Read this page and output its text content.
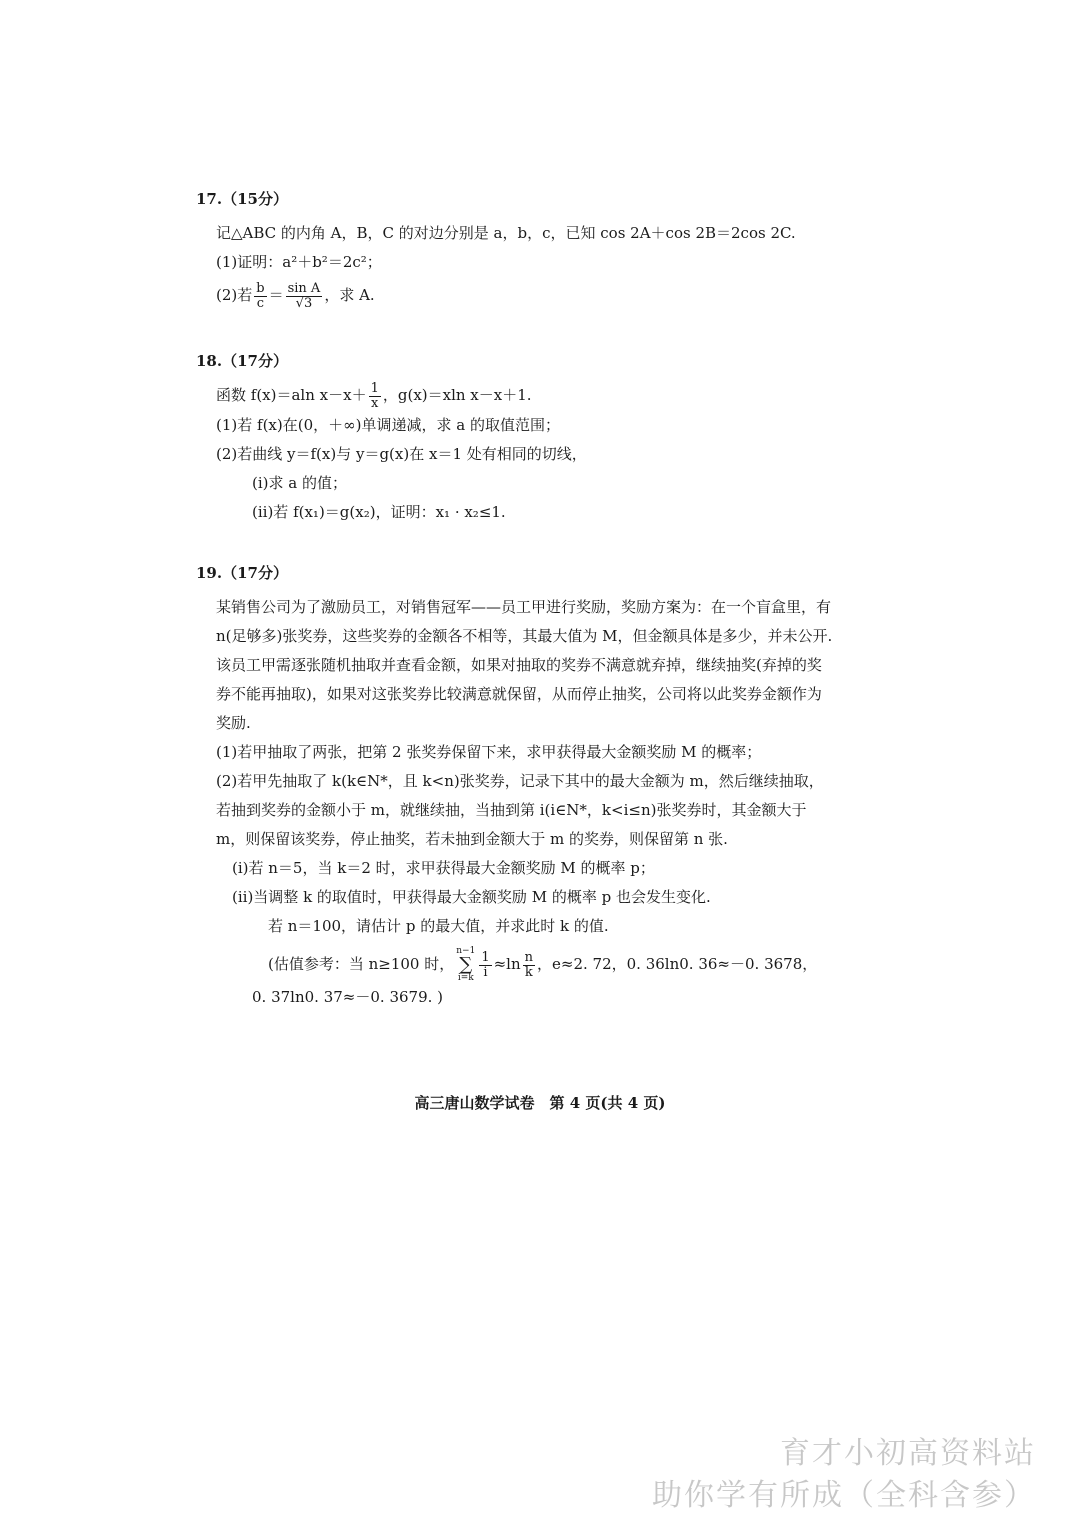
17.（15分）
记△ABC 的内角 A，B，C 的对边分别是 a，b，c，已知 cos 2A＋cos 2B＝2cos 2C.
(1)证明：a²＋b²＝2c²；
(2)若 $\frac{b}{c} = \frac{\text{sin A}}{√3}$ ，求 A.
18.（17分）
函数 f(x)＝aln $x-x+ \frac{1}{x}$ ，g(x)＝xln x－x＋1.
(1)若 f(x)在(0，＋∞)单调递减，求 a 的取值范围；
(2)若曲线 y＝f(x)与 y＝g(x)在 x＝1 处有相同的切线，
(ⅰ)求 a 的值；
(ⅱ)若 f(x₁)＝g(x₂)，证明：x₁ · x₂≤1.
19.（17分）
某销售公司为了激励员工，对销售冠军——员工甲进行奖励，奖励方案为：在一个盲盒里，有 n(足够多)张奖券，这些奖券的金额各不相等，其最大值为 M，但金额具体是多少，并未公开. 该员工甲需逐张随机抽取并查看金额，如果对抽取的奖券不满意就弃掉，继续抽奖(弃掉的奖券不能再抽取)，如果对这张奖券比较满意就保留，从而停止抽奖，公司将以此奖券金额作为奖励.
(1)若甲抽取了两张，把第 2 张奖券保留下来，求甲获得最大金额奖励 M 的概率；
(2)若甲先抽取了 k(k∈N*，且 k<n)张奖券，记录下其中的最大金额为 m，然后继续抽取，若抽到奖券的金额小于 m，就继续抽，当抽到第 i(i∈N*，k<i≤n)张奖券时，其金额大于 m，则保留该奖券，停止抽奖，若未抽到金额大于 m 的奖券，则保留第 n 张.
(ⅰ)若 n＝5，当 k＝2 时，求甲获得最大金额奖励 M 的概率 p；
(ⅱ)当调整 k 的取值时，甲获得最大金额奖励 M 的概率 p 也会发生变化.
若 n＝100，请估计 p 的最大值，并求此时 k 的值.
(估值参考：当 n≥100 时，n−1
∑
$i=k \frac{1}{i} \approx\ln \frac{n}{k}$ ，e≈2. 72，0. 36ln0. 36≈－0. 3678，
0. 37ln0. 37≈－0. 3679. )
高三唐山数学试卷　第 4 页(共 4 页)
育才小初高资料站
助你学有所成（全科含参）
